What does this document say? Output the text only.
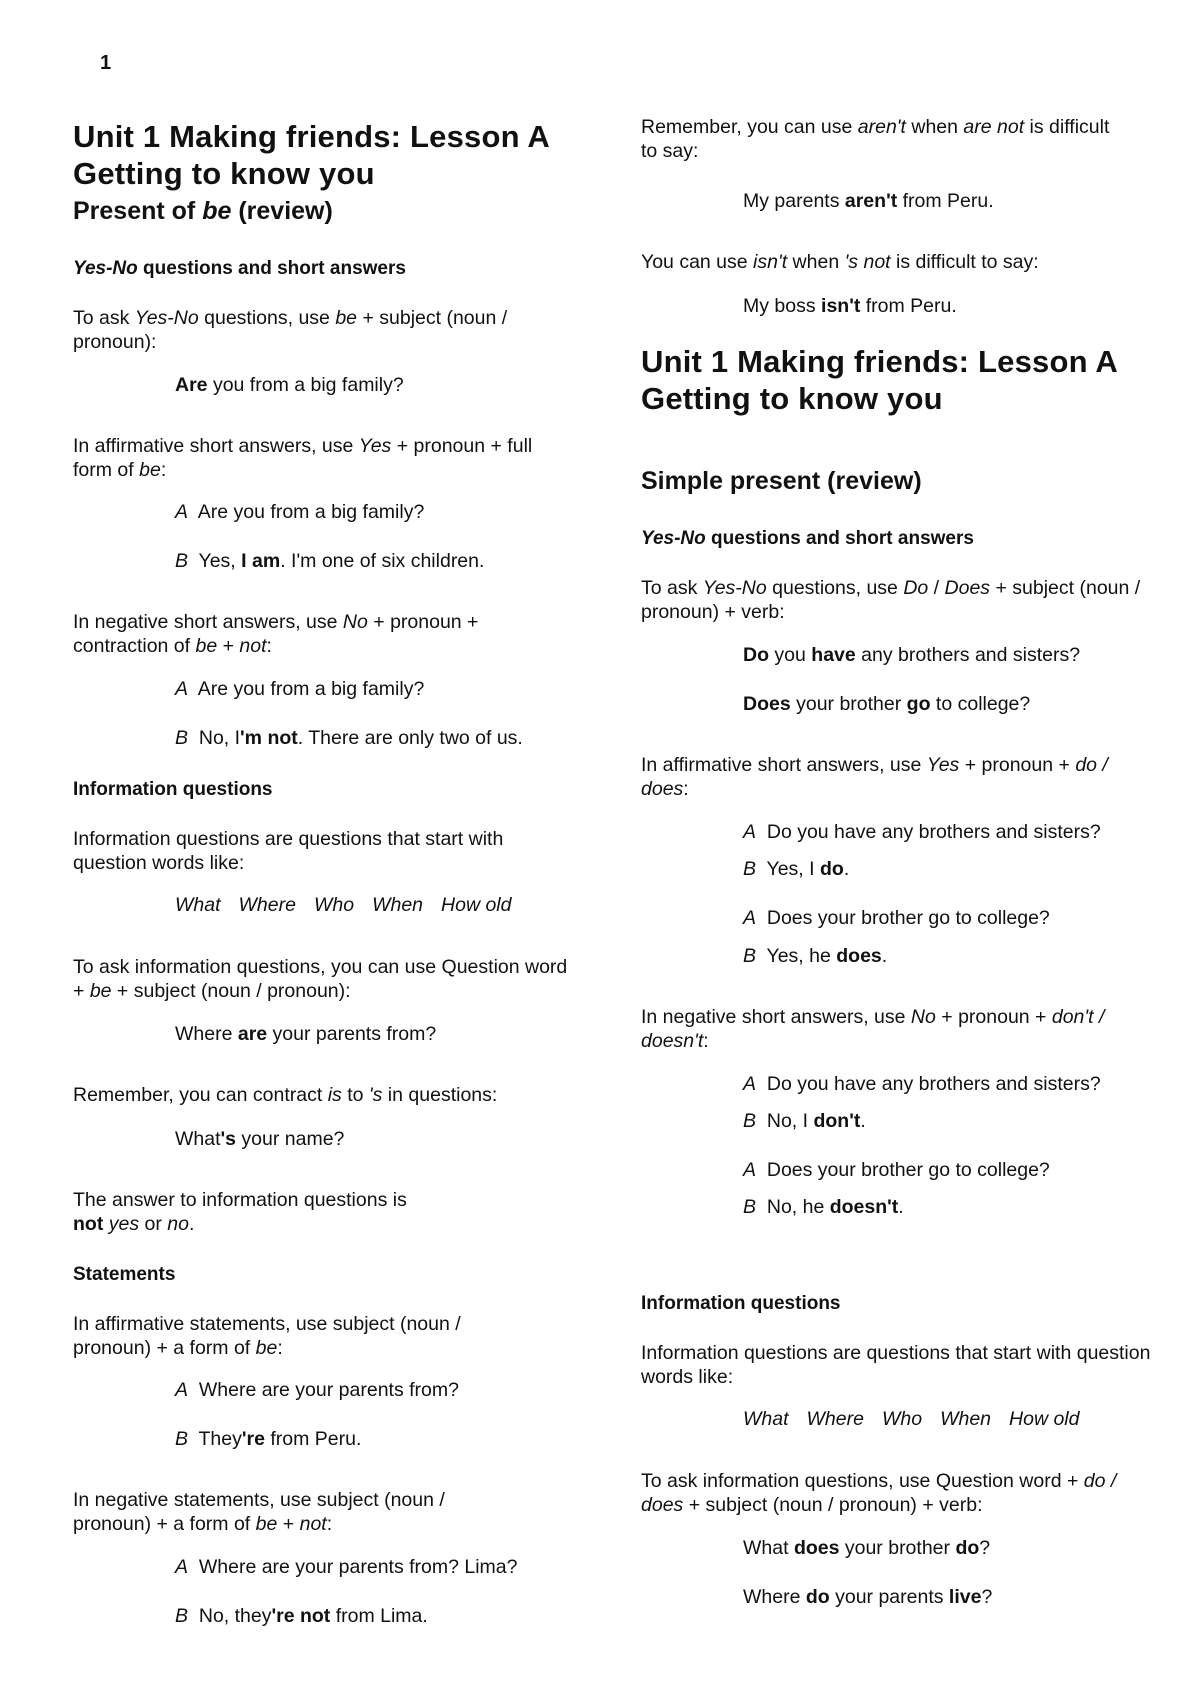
1
Unit 1 Making friends: Lesson A Getting to know you
Present of be (review)
Yes-No questions and short answers
To ask Yes-No questions, use be + subject (noun / pronoun):
Are you from a big family?
In affirmative short answers, use Yes + pronoun + full form of be:
A Are you from a big family?
B Yes, I am. I'm one of six children.
In negative short answers, use No + pronoun + contraction of be + not:
A Are you from a big family?
B No, I'm not. There are only two of us.
Information questions
Information questions are questions that start with question words like:
What Where Who When How old
To ask information questions, you can use Question word + be + subject (noun / pronoun):
Where are your parents from?
Remember, you can contract is to 's in questions:
What's your name?
The answer to information questions is not yes or no.
Statements
In affirmative statements, use subject (noun / pronoun) + a form of be:
A Where are your parents from?
B They're from Peru.
In negative statements, use subject (noun / pronoun) + a form of be + not:
A Where are your parents from? Lima?
B No, they're not from Lima.
Remember, you can use aren't when are not is difficult to say:
My parents aren't from Peru.
You can use isn't when 's not is difficult to say:
My boss isn't from Peru.
Unit 1 Making friends: Lesson A Getting to know you
Simple present (review)
Yes-No questions and short answers
To ask Yes-No questions, use Do / Does + subject (noun / pronoun) + verb:
Do you have any brothers and sisters?
Does your brother go to college?
In affirmative short answers, use Yes + pronoun + do / does:
A Do you have any brothers and sisters?
B Yes, I do.
A Does your brother go to college?
B Yes, he does.
In negative short answers, use No + pronoun + don't / doesn't:
A Do you have any brothers and sisters?
B No, I don't.
A Does your brother go to college?
B No, he doesn't.
Information questions
Information questions are questions that start with question words like:
What Where Who When How old
To ask information questions, use Question word + do / does + subject (noun / pronoun) + verb:
What does your brother do?
Where do your parents live?
